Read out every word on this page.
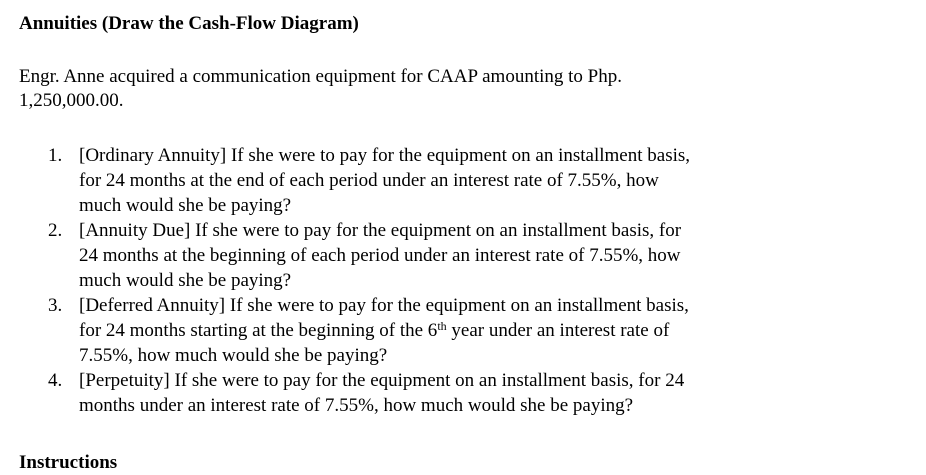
Annuities (Draw the Cash-Flow Diagram)
Engr. Anne acquired a communication equipment for CAAP amounting to Php.
1,250,000.00.
1. [Ordinary Annuity] If she were to pay for the equipment on an installment basis,
for 24 months at the end of each period under an interest rate of 7.55%, how
much would she be paying?
2. [Annuity Due] If she were to pay for the equipment on an installment basis, for
24 months at the beginning of each period under an interest rate of 7.55%, how
much would she be paying?
3. [Deferred Annuity] If she were to pay for the equipment on an installment basis,
for 24 months starting at the beginning of the 6th year under an interest rate of
7.55%, how much would she be paying?
4. [Perpetuity] If she were to pay for the equipment on an installment basis, for 24
months under an interest rate of 7.55%, how much would she be paying?
Instructions
